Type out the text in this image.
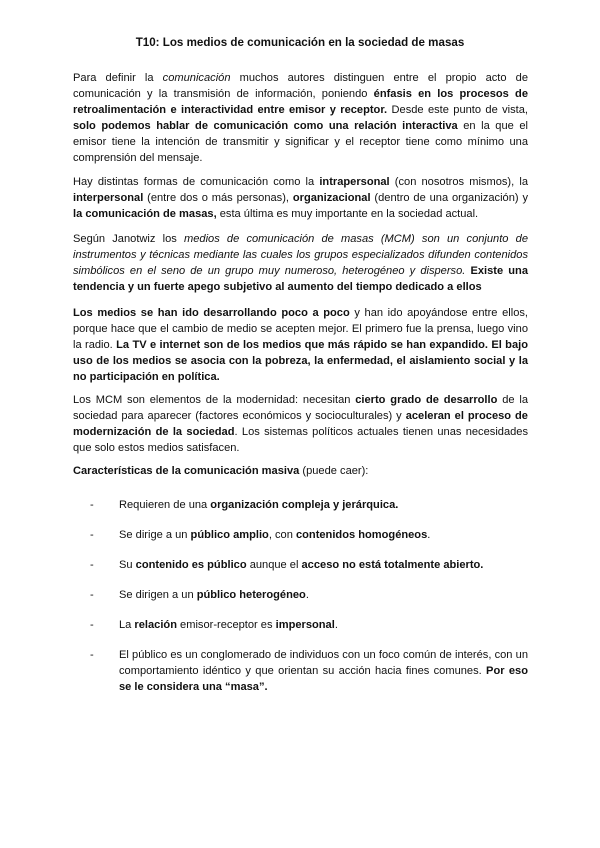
T10: Los medios de comunicación en la sociedad de masas

Para definir la comunicación muchos autores distinguen entre el propio acto de comunicación y la transmisión de información, poniendo énfasis en los procesos de retroalimentación e interactividad entre emisor y receptor. Desde este punto de vista, solo podemos hablar de comunicación como una relación interactiva en la que el emisor tiene la intención de transmitir y significar y el receptor tiene como mínimo una comprensión del mensaje.

Hay distintas formas de comunicación como la intrapersonal (con nosotros mismos), la interpersonal (entre dos o más personas), organizacional (dentro de una organización) y la comunicación de masas, esta última es muy importante en la sociedad actual.

Según Janotwiz los medios de comunicación de masas (MCM) son un conjunto de instrumentos y técnicas mediante las cuales los grupos especializados difunden contenidos simbólicos en el seno de un grupo muy numeroso, heterogéneo y disperso. Existe una tendencia y un fuerte apego subjetivo al aumento del tiempo dedicado a ellos

Los medios se han ido desarrollando poco a poco y han ido apoyándose entre ellos, porque hace que el cambio de medio se acepten mejor. El primero fue la prensa, luego vino la radio. La TV e internet son de los medios que más rápido se han expandido. El bajo uso de los medios se asocia con la pobreza, la enfermedad, el aislamiento social y la no participación en política.

Los MCM son elementos de la modernidad: necesitan cierto grado de desarrollo de la sociedad para aparecer (factores económicos y socioculturales) y aceleran el proceso de modernización de la sociedad. Los sistemas políticos actuales tienen unas necesidades que solo estos medios satisfacen.

Características de la comunicación masiva (puede caer):
- Requieren de una organización compleja y jerárquica.
- Se dirige a un público amplio, con contenidos homogéneos.
- Su contenido es público aunque el acceso no está totalmente abierto.
- Se dirigen a un público heterogéneo.
- La relación emisor-receptor es impersonal.
- El público es un conglomerado de individuos con un foco común de interés, con un comportamiento idéntico y que orientan su acción hacia fines comunes. Por eso se le considera una “masa”.
